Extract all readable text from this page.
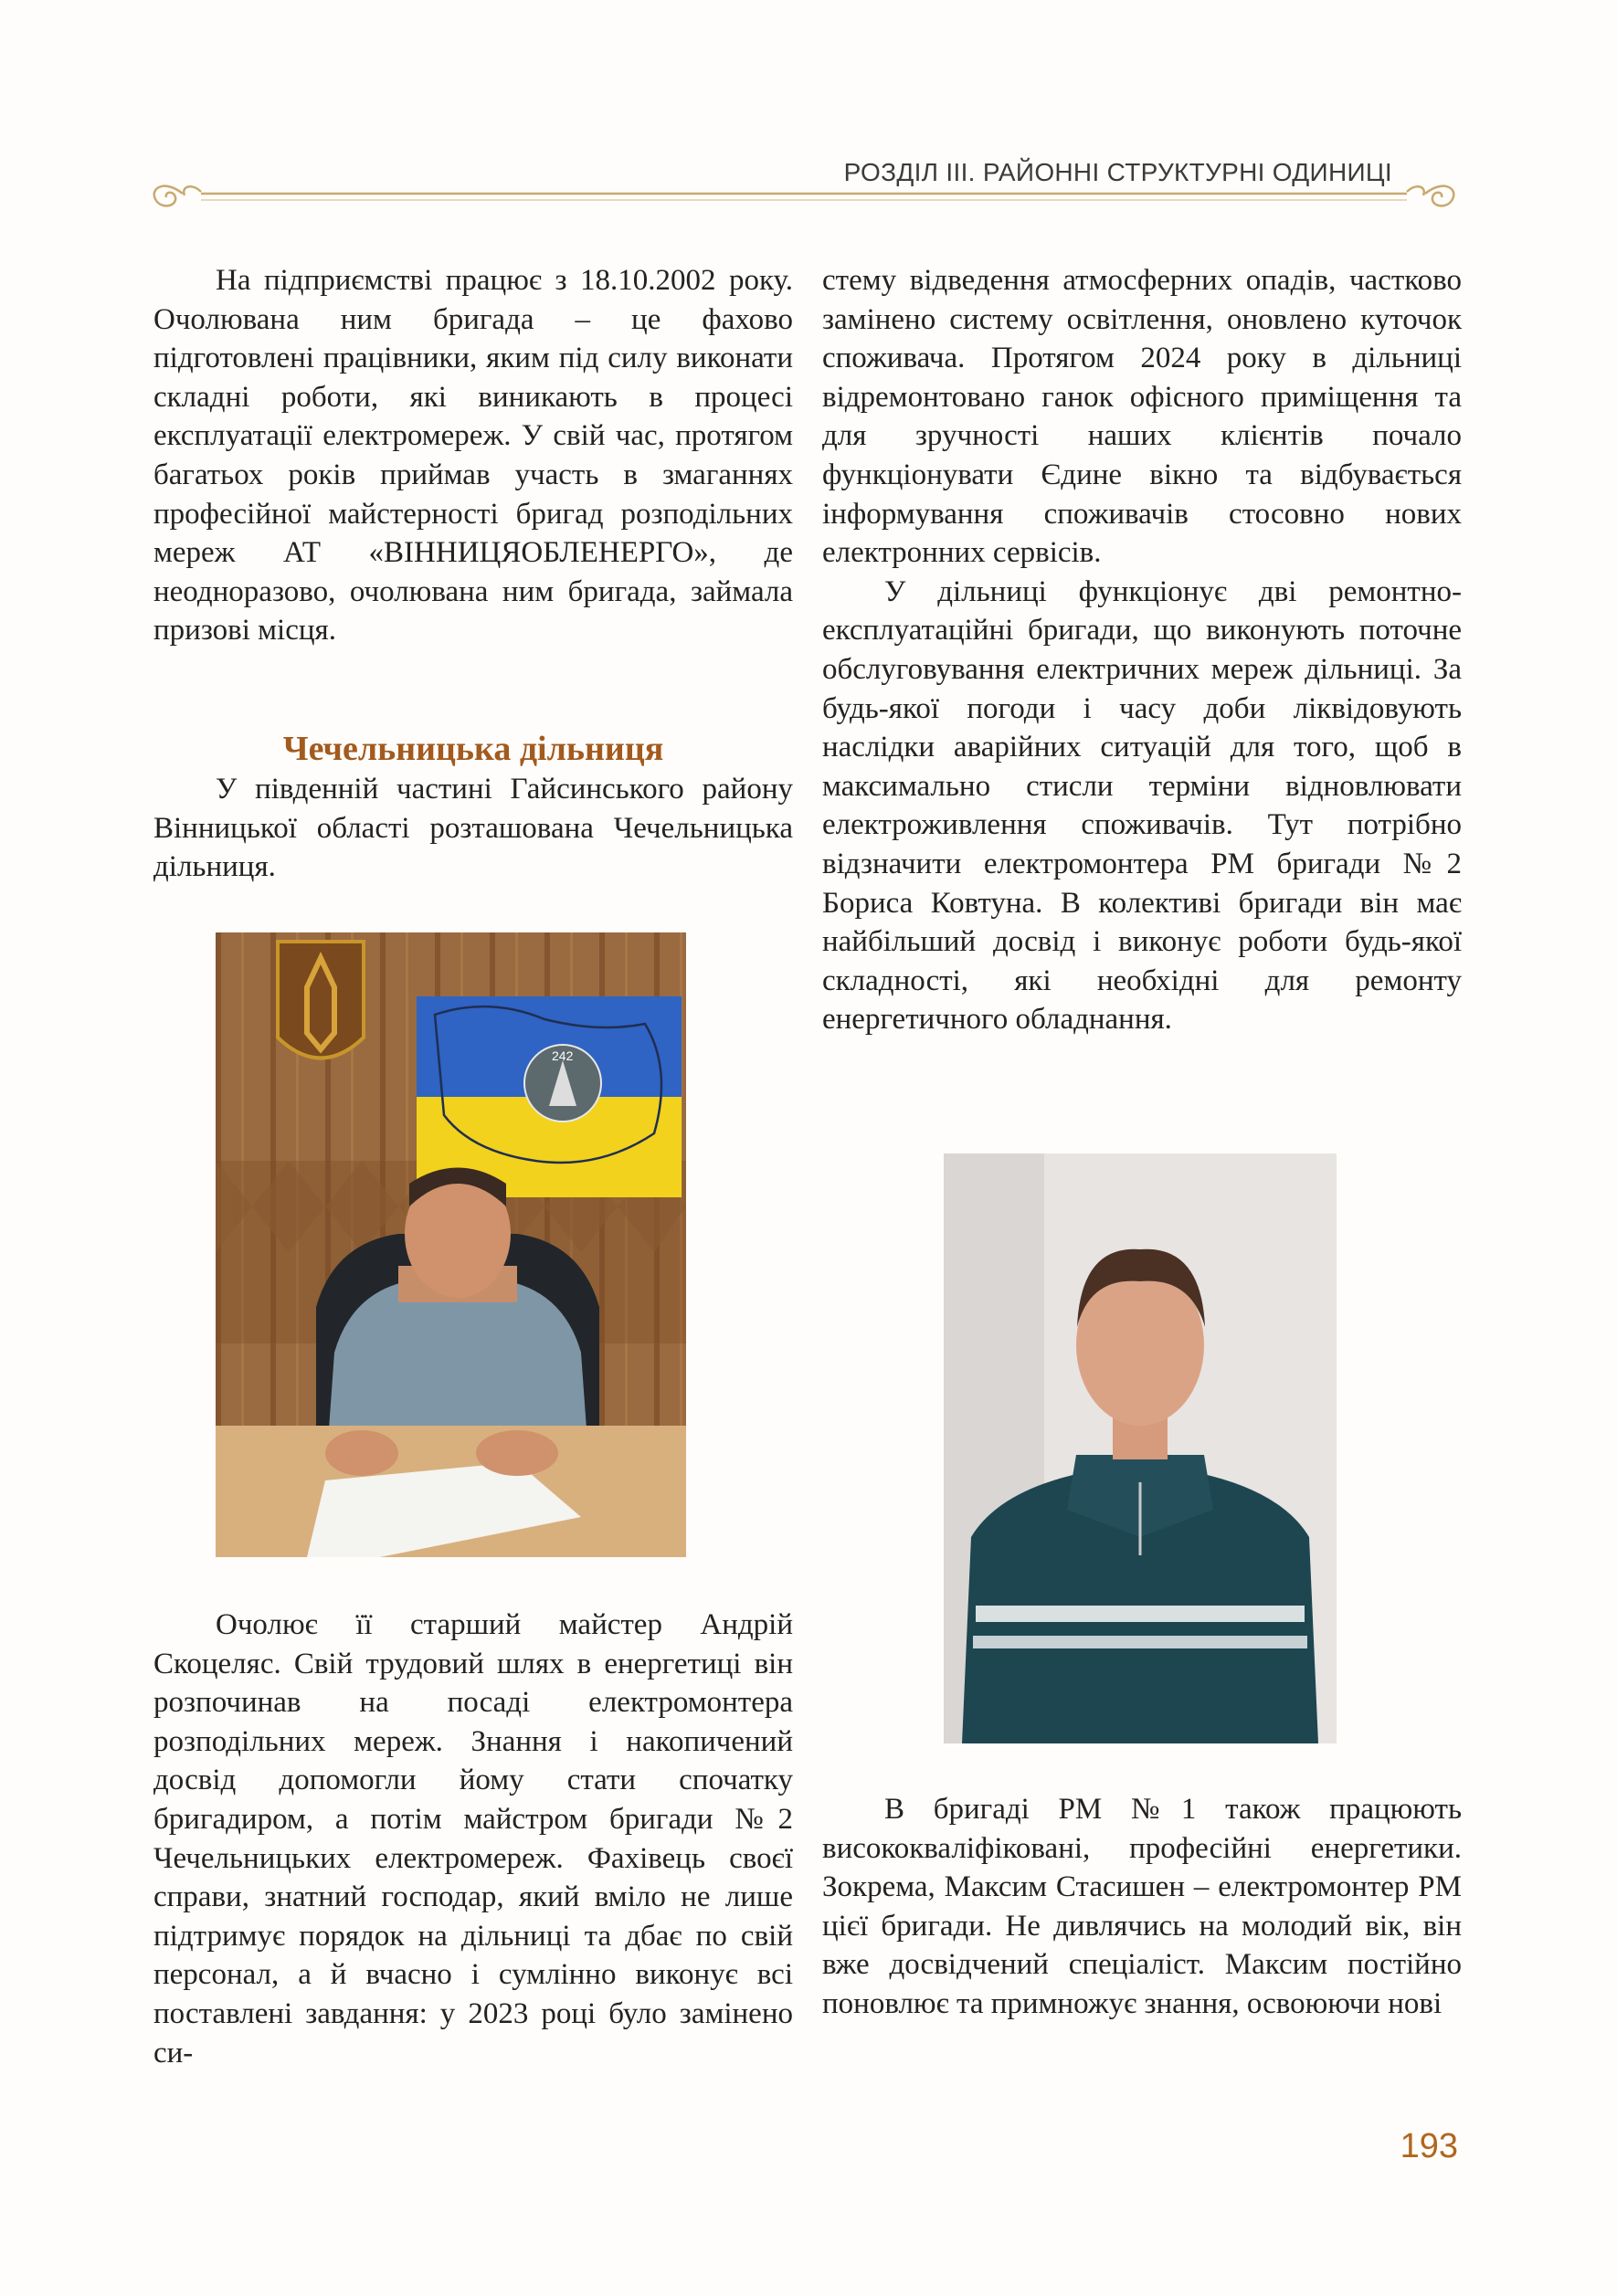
РОЗДІЛ ІІІ. РАЙОННІ СТРУКТУРНІ ОДИНИЦІ

На підприємстві працює з 18.10.2002 року. Очолювана ним бригада – це фахово підготовлені працівники, яким під силу виконати складні роботи, які виникають в процесі експлуатації електромереж. У свій час, протягом багатьох років приймав участь в змаганнях професійної майстерності бригад розподільних мереж АТ «ВІННИЦЯОБЛЕНЕРГО», де неодноразово, очолювана ним бригада, займала призові місця.

Чечельницька дільниця

У південній частині Гайсинського району Вінницької області розташована Чечельницька дільниця.

242

Очолює її старший майстер Андрій Скоцеляс. Свій трудовий шлях в енергетиці він розпочинав на посаді електромонтера розподільних мереж. Знання і накопичений досвід допомогли йому стати спочатку бригадиром, а потім майстром бригади №2 Чечельницьких електромереж. Фахівець своєї справи, знатний господар, який вміло не лише підтримує порядок на дільниці та дбає по свій персонал, а й вчасно і сумлінно виконує всі поставлені завдання: у 2023 році було замінено си-

стему відведення атмосферних опадів, частково замінено систему освітлення, оновлено куточок споживача. Протягом 2024 року в дільниці відремонтовано ганок офісного приміщення та для зручності наших клієнтів почало функціонувати Єдине вікно та відбувається інформування споживачів стосовно нових електронних сервісів.

У дільниці функціонує дві ремонтно-експлуатаційні бригади, що виконують поточне обслуговування електричних мереж дільниці. За будь-якої погоди і часу доби ліквідовують наслідки аварійних ситуацій для того, щоб в максимально стисли терміни відновлювати електроживлення споживачів. Тут потрібно відзначити електромонтера РМ бригади №2 Бориса Ковтуна. В колективі бригади він має найбільший досвід і виконує роботи будь-якої складності, які необхідні для ремонту енергетичного обладнання.

В бригаді РМ №1 також працюють висококваліфіковані, професійні енергетики. Зокрема, Максим Стасишен – електромонтер РМ цієї бригади. Не дивлячись на молодий вік, він вже досвідчений спеціаліст. Максим постійно поновлює та примножує знання, освоюючи нові

193
